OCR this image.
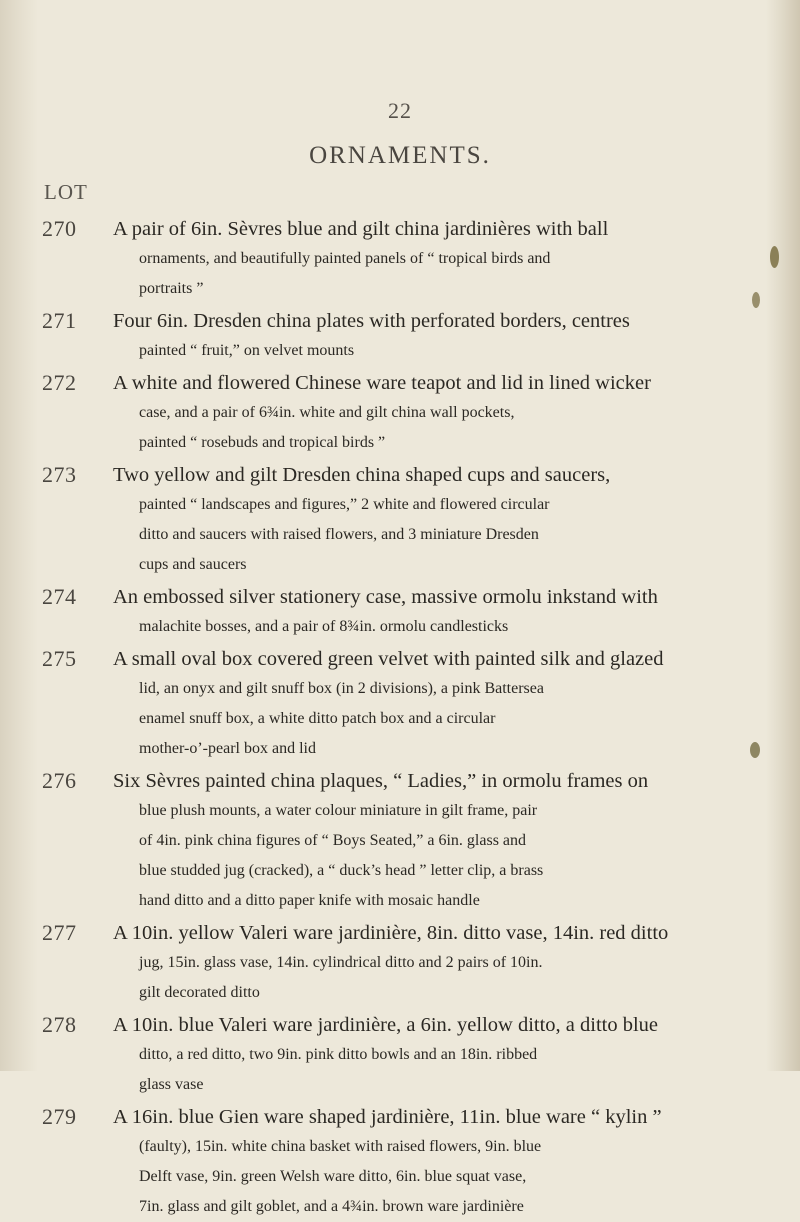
22
ORNAMENTS.
LOT
270	A pair of 6in. Sèvres blue and gilt china jardinières with ball
ornaments, and beautifully painted panels of “ tropical birds and
portraits ”
271	Four 6in. Dresden china plates with perforated borders, centres
painted “ fruit,” on velvet mounts
272	A white and flowered Chinese ware teapot and lid in lined wicker
case, and a pair of 6¾in. white and gilt china wall pockets,
painted “ rosebuds and tropical birds ”
273	Two yellow and gilt Dresden china shaped cups and saucers,
painted “ landscapes and figures,” 2 white and flowered circular
ditto and saucers with raised flowers, and 3 miniature Dresden
cups and saucers
274	An embossed silver stationery case, massive ormolu inkstand with
malachite bosses, and a pair of 8¾in. ormolu candlesticks
275	A small oval box covered green velvet with painted silk and glazed
lid, an onyx and gilt snuff box (in 2 divisions), a pink Battersea
enamel snuff box, a white ditto patch box and a circular
mother-o’-pearl box and lid
276	Six Sèvres painted china plaques, “ Ladies,” in ormolu frames on
blue plush mounts, a water colour miniature in gilt frame, pair
of 4in. pink china figures of “ Boys Seated,” a 6in. glass and
blue studded jug (cracked), a “ duck’s head ” letter clip, a brass
hand ditto and a ditto paper knife with mosaic handle
277	A 10in. yellow Valeri ware jardinière, 8in. ditto vase, 14in. red ditto
jug, 15in. glass vase, 14in. cylindrical ditto and 2 pairs of 10in.
gilt decorated ditto
278	A 10in. blue Valeri ware jardinière, a 6in. yellow ditto, a ditto blue
ditto, a red ditto, two 9in. pink ditto bowls and an 18in. ribbed
glass vase
279	A 16in. blue Gien ware shaped jardinière, 11in. blue ware “ kylin ”
(faulty), 15in. white china basket with raised flowers, 9in. blue
Delft vase, 9in. green Welsh ware ditto, 6in. blue squat vase,
7in. glass and gilt goblet, and a 4¾in. brown ware jardinière
